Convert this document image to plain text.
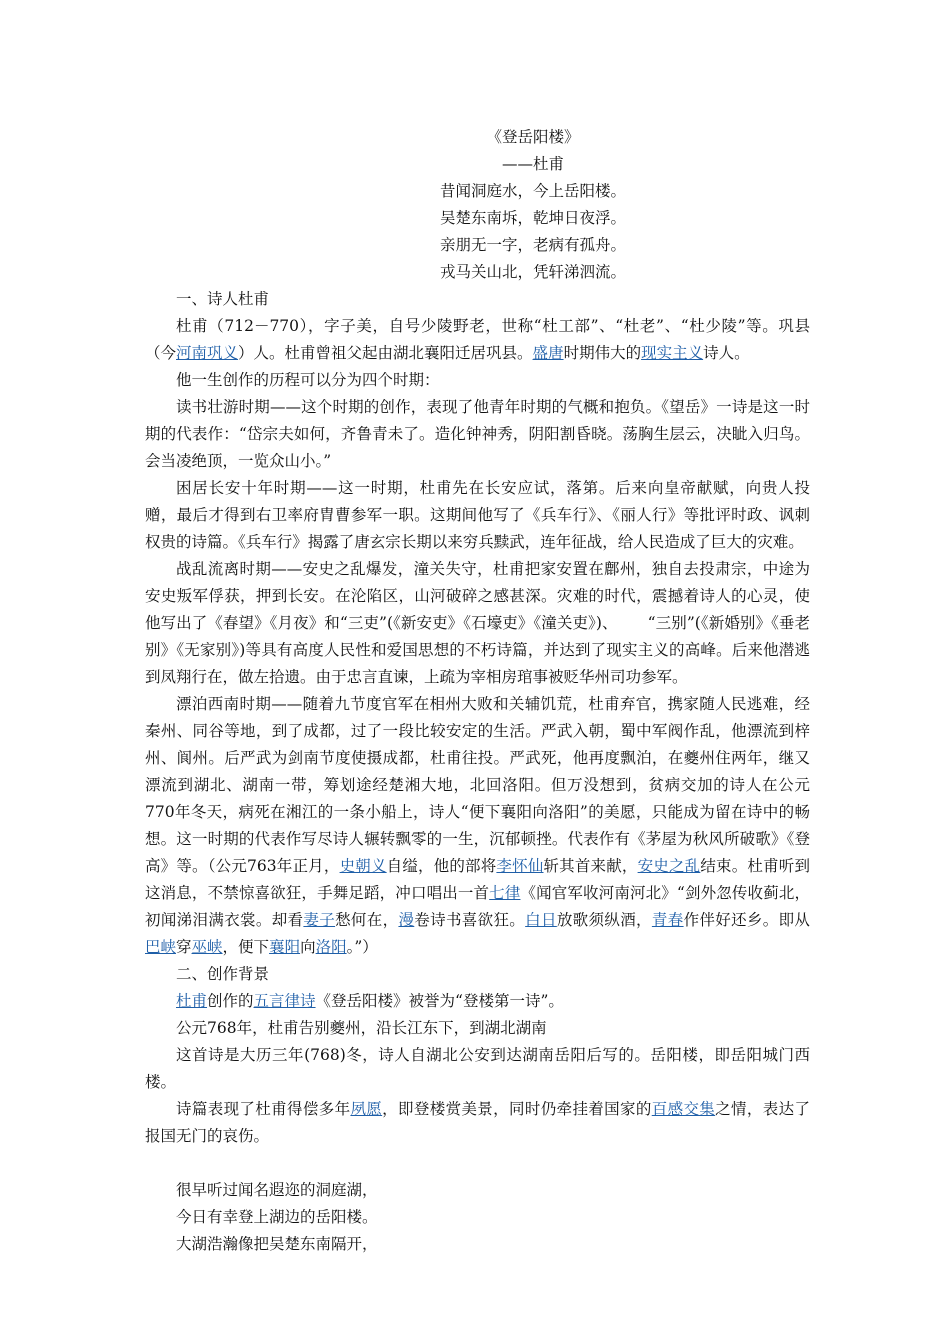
《登岳阳楼》

——杜甫

昔闻洞庭水，今上岳阳楼。

吴楚东南坼，乾坤日夜浮。

亲朋无一字，老病有孤舟。

戎马关山北，凭轩涕泗流。

一、诗人杜甫

杜甫（712－770），字子美，自号少陵野老，世称“杜工部”、“杜老”、“杜少陵”等。巩县（今河南巩义）人。杜甫曾祖父起由湖北襄阳迁居巩县。盛唐时期伟大的现实主义诗人。

他一生创作的历程可以分为四个时期：

读书壮游时期——这个时期的创作，表现了他青年时期的气概和抱负。《望岳》一诗是这一时期的代表作：“岱宗夫如何，齐鲁青未了。造化钟神秀，阴阳割昏晓。荡胸生层云，决眦入归鸟。会当凌绝顶，一览众山小。”

困居长安十年时期——这一时期，杜甫先在长安应试，落第。后来向皇帝献赋，向贵人投赠，最后才得到右卫率府胄曹参军一职。这期间他写了《兵车行》、《丽人行》等批评时政、讽刺权贵的诗篇。《兵车行》揭露了唐玄宗长期以来穷兵黩武，连年征战，给人民造成了巨大的灾难。

战乱流离时期——安史之乱爆发，潼关失守，杜甫把家安置在鄜州，独自去投肃宗，中途为安史叛军俘获，押到长安。在沦陷区，山河破碎之感甚深。灾难的时代，震撼着诗人的心灵，使他写出了《春望》《月夜》和“三吏”(《新安吏》《石壕吏》《潼关吏》)、      “三别”(《新婚别》《垂老别》《无家别》)等具有高度人民性和爱国思想的不朽诗篇，并达到了现实主义的高峰。后来他潜逃到凤翔行在，做左拾遗。由于忠言直谏，上疏为宰相房琯事被贬华州司功参军。

漂泊西南时期——随着九节度官军在相州大败和关辅饥荒，杜甫弃官，携家随人民逃难，经秦州、同谷等地，到了成都，过了一段比较安定的生活。严武入朝，蜀中军阀作乱，他漂流到梓州、阆州。后严武为剑南节度使摄成都，杜甫往投。严武死，他再度飘泊，在夔州住两年，继又漂流到湖北、湖南一带，筹划途经楚湘大地，北回洛阳。但万没想到，贫病交加的诗人在公元770年冬天，病死在湘江的一条小船上，诗人“便下襄阳向洛阳”的美愿，只能成为留在诗中的畅想。这一时期的代表作写尽诗人辗转飘零的一生，沉郁顿挫。代表作有《茅屋为秋风所破歌》《登高》等。（公元763年正月，史朝义自缢，他的部将李怀仙斩其首来献，安史之乱结束。杜甫听到这消息，不禁惊喜欲狂，手舞足蹈，冲口唱出一首七律《闻官军收河南河北》“剑外忽传收蓟北，初闻涕泪满衣裳。却看妻子愁何在，漫卷诗书喜欲狂。白日放歌须纵酒，青春作伴好还乡。即从巴峡穿巫峡，便下襄阳向洛阳。”）

二、创作背景

杜甫创作的五言律诗《登岳阳楼》被誉为“登楼第一诗”。

公元768年，杜甫告别夔州，沿长江东下，到湖北湖南

这首诗是大历三年(768)冬，诗人自湖北公安到达湖南岳阳后写的。岳阳楼，即岳阳城门西楼。

诗篇表现了杜甫得偿多年夙愿，即登楼赏美景，同时仍牵挂着国家的百感交集之情，表达了报国无门的哀伤。

很早听过闻名遐迩的洞庭湖，

今日有幸登上湖边的岳阳楼。

大湖浩瀚像把吴楚东南隔开，
